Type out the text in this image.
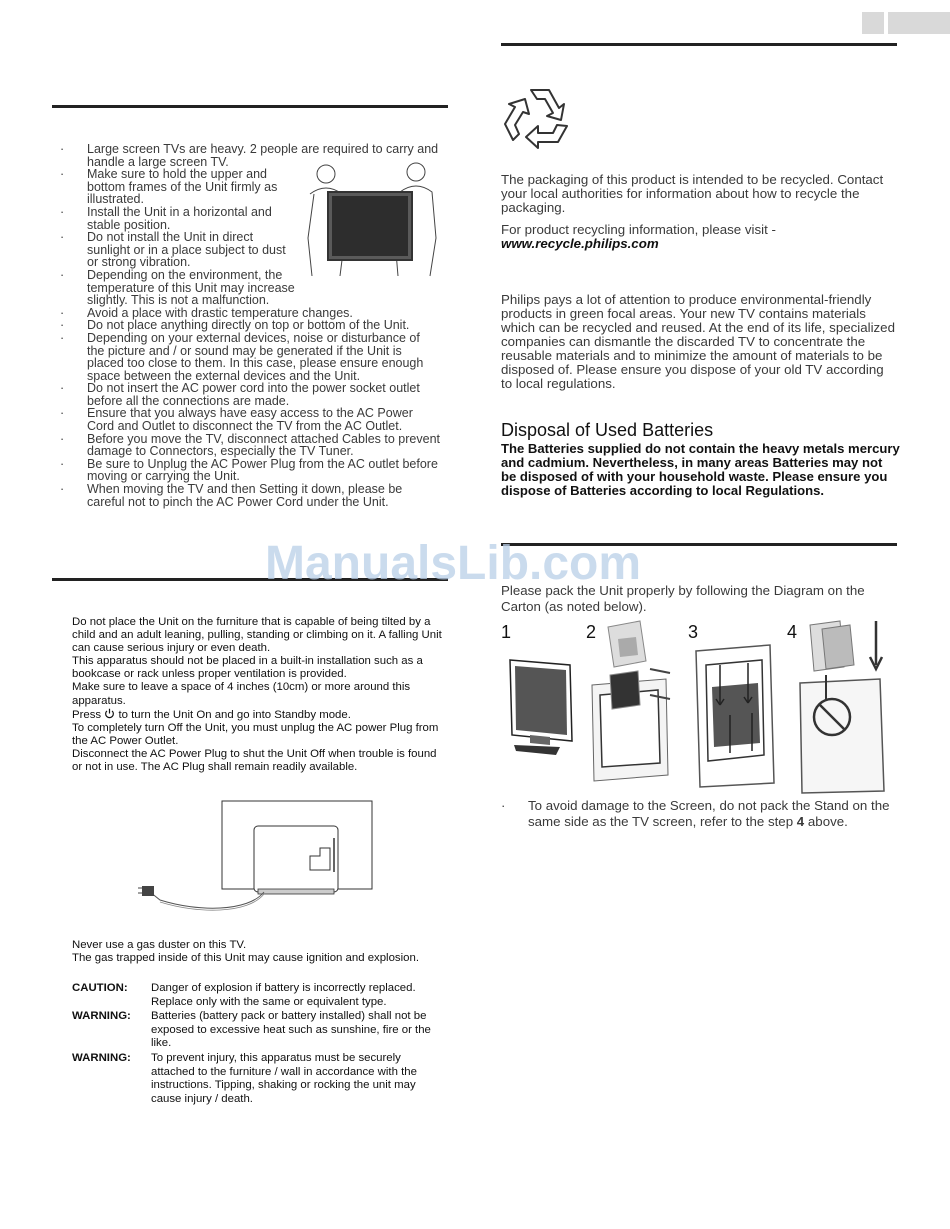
· Large screen TVs are heavy. 2 people are required to carry and handle a large screen TV.
· Make sure to hold the upper and bottom frames of the Unit firmly as illustrated.
· Install the Unit in a horizontal and stable position.
· Do not install the Unit in direct sunlight or in a place subject to dust or strong vibration.
· Depending on the environment, the temperature of this Unit may increase slightly. This is not a malfunction.
· Avoid a place with drastic temperature changes.
· Do not place anything directly on top or bottom of the Unit.
· Depending on your external devices, noise or disturbance of the picture and / or sound may be generated if the Unit is placed too close to them. In this case, please ensure enough space between the external devices and the Unit.
· Do not insert the AC power cord into the power socket outlet before all the connections are made.
· Ensure that you always have easy access to the AC Power Cord and Outlet to disconnect the TV from the AC Outlet.
· Before you move the TV, disconnect attached Cables to prevent damage to Connectors, especially the TV Tuner.
· Be sure to Unplug the AC Power Plug from the AC outlet before moving or carrying the Unit.
· When moving the TV and then Setting it down, please be careful not to pinch the AC Power Cord under the Unit.

Do not place the Unit on the furniture that is capable of being tilted by a child and an adult leaning, pulling, standing or climbing on it. A falling Unit can cause serious injury or even death.

This apparatus should not be placed in a built-in installation such as a bookcase or rack unless proper ventilation is provided.

Make sure to leave a space of 4 inches (10cm) or more around this apparatus.

Press to turn the Unit On and go into Standby mode.

To completely turn Off the Unit, you must unplug the AC power Plug from the AC Power Outlet.

Disconnect the AC Power Plug to shut the Unit Off when trouble is found or not in use. The AC Plug shall remain readily available.

Never use a gas duster on this TV.

The gas trapped inside of this Unit may cause ignition and explosion.

CAUTION:	Danger of explosion if battery is incorrectly replaced. Replace only with the same or equivalent type.
WARNING:	Batteries (battery pack or battery installed) shall not be exposed to excessive heat such as sunshine, fire or the like.
WARNING:	To prevent injury, this apparatus must be securely attached to the furniture / wall in accordance with the instructions. Tipping, shaking or rocking the unit may cause injury / death.

The packaging of this product is intended to be recycled. Contact your local authorities for information about how to recycle the packaging.

For product recycling information, please visit -

www.recycle.philips.com

Philips pays a lot of attention to produce environmental-friendly products in green focal areas. Your new TV contains materials which can be recycled and reused. At the end of its life, specialized companies can dismantle the discarded TV to concentrate the reusable materials and to minimize the amount of materials to be disposed of. Please ensure you dispose of your old TV according to local regulations.

Disposal of Used Batteries
The Batteries supplied do not contain the heavy metals mercury and cadmium. Nevertheless, in many areas Batteries may not be disposed of with your household waste. Please ensure you dispose of Batteries according to local Regulations.

Please pack the Unit properly by following the Diagram on the Carton (as noted below).

1	2	3	4
·	To avoid damage to the Screen, do not pack the Stand on the same side as the TV screen, refer to the step 4 above.
ManualsLib.com
